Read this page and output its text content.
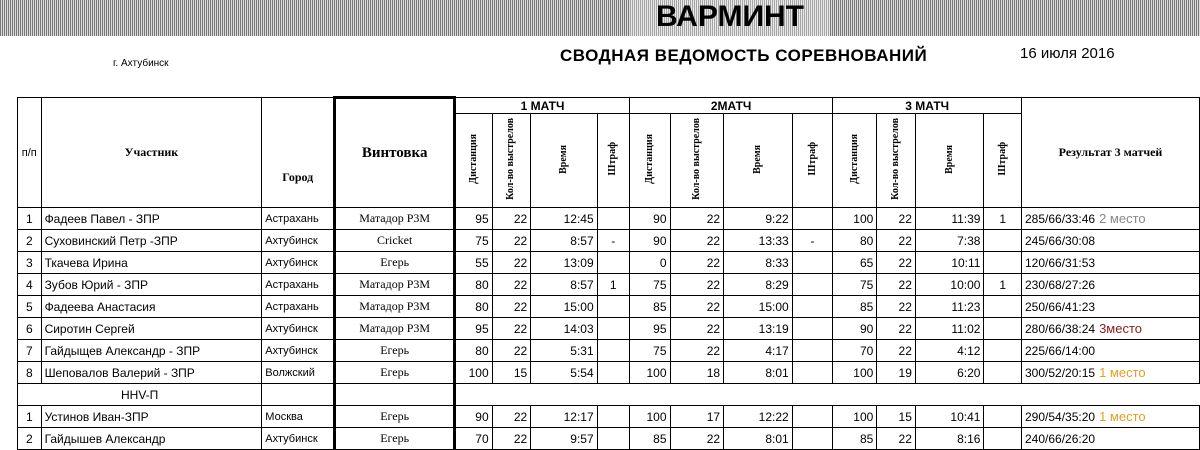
ВАРМИНТ
г. Ахтубинск	СВОДНАЯ ВЕДОМОСТЬ СОРЕВНОВАНИЙ	16 июля 2016
п/п	Участник	Город	Винтовка	1 МАТЧ				2МАТЧ				3 МАТЧ				Результат 3 матчей
				Дистанция	Кол-во выстрелов	Время	Штраф	Дистанция	Кол-во выстрелов	Время	Штраф	Дистанция	Кол-во выстрелов	Время	Штраф	
1	Фадеев Павел - ЗПР	Астрахань	Матадор Р3М	95	22	12:45		90	22	9:22		100	22	11:39	1	285/66/33:46 2 место
2	Суховинский Петр -ЗПР	Ахтубинск	Cricket	75	22	8:57	-	90	22	13:33	-	80	22	7:38		245/66/30:08
3	Ткачева Ирина	Ахтубинск	Егерь	55	22	13:09		0	22	8:33		65	22	10:11		120/66/31:53
4	Зубов Юрий - ЗПР	Астрахань	Матадор Р3М	80	22	8:57	1	75	22	8:29		75	22	10:00	1	230/68/27:26
5	Фадеева Анастасия	Астрахань	Матадор Р3М	80	22	15:00		85	22	15:00		85	22	11:23		250/66/41:23
6	Сиротин Сергей	Ахтубинск	Матадор Р3М	95	22	14:03		95	22	13:19		90	22	11:02		280/66/38:24 3место
7	Гайдыщев Александр - ЗПР	Ахтубинск	Егерь	80	22	5:31		75	22	4:17		70	22	4:12		225/66/14:00
8	Шеповалов Валерий - ЗПР	Волжский	Егерь	100	15	5:54		100	18	8:01		100	19	6:20		300/52/20:15 1 место
HHV-П																
1	Устинов Иван-ЗПР	Москва	Егерь	90	22	12:17		100	17	12:22		100	15	10:41		290/54/35:20 1 место
2	Гайдышев Александр	Ахтубинск	Егерь	70	22	9:57		85	22	8:01		85	22	8:16		240/66/26:20
